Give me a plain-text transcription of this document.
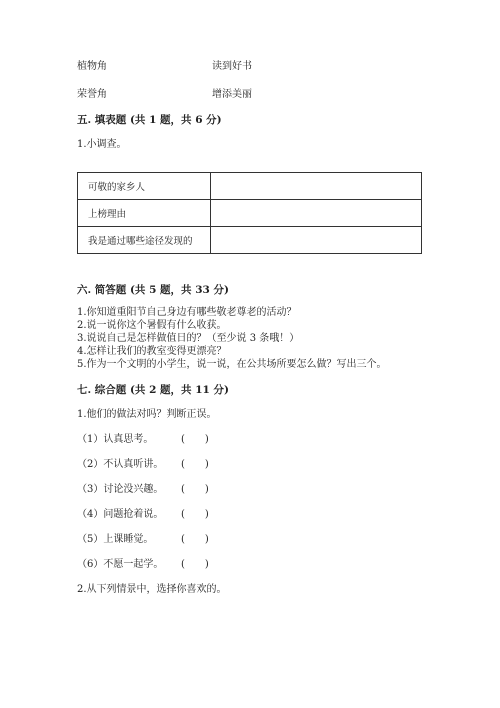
植物角	读到好书
荣誉角	增添美丽
五. 填表题 (共 1 题，共 6 分)
1.小调查。
可敬的家乡人	
上榜理由	
我是通过哪些途径发现的	
六. 简答题 (共 5 题，共 33 分)
1.你知道重阳节自己身边有哪些敬老尊老的活动？
2.说一说你这个暑假有什么收获。
3.说说自己是怎样做值日的？（至少说 3 条哦！）
4.怎样让我们的教室变得更漂亮？
5.作为一个文明的小学生，说一说，在公共场所要怎么做？写出三个。
七. 综合题 (共 2 题，共 11 分)
1.他们的做法对吗？判断正误。
（1）认真思考。	(　　)
（2）不认真听讲。 (　　)
（3）讨论没兴趣。 (　　)
（4）问题抢着说。 (　　)
（5）上课睡觉。	(　　)
（6）不愿一起学。 (　　)
2.从下列情景中，选择你喜欢的。
